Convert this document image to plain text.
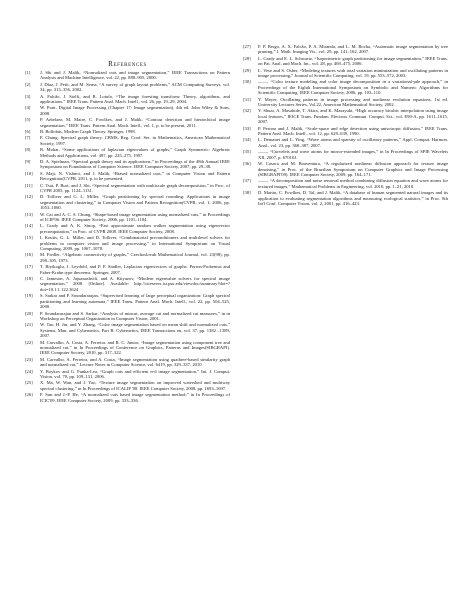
References
[1]	J. Shi and J. Malik, “Normalized cuts and image segmentation,” IEEE Transactions on Pattern Analysis and Machine Intelligence, vol. 22, pp. 888–905, 2000.
[2]	J. Díaz, J. Petit, and M. Serna, “A survey of graph layout problems,” ACM Computing Surveys, vol. 34, pp. 313–356, 2002.
[3]	A. Falcão, J. Stolfi, and R. Lotufo, “The image foresting transform: Theory, algorithms, and applications,” IEEE Trans. Pattern Anal. Mach. Intell., vol. 26, pp. 19–29, 2004.
[4]	W. Pratt, Digital Image Processing (Chapter 17: Image segmentation), 4th ed. John Wiley & Sons, 2008.
[5]	P. Arbelaez, M. Maire, C. Fowlkes, and J. Malik, “Contour detection and hierarchical image segmentation,” IEEE Trans. Pattern Anal. Mach. Intell., vol. 1, p. to be present, 2011.
[6]	B. Bollobás, Modern Graph Theory. Springer, 1998.
[7]	F. Chung, Spectral graph theory. CBMS, Reg. Conf. Ser. in Mathematics, American Mathematical Society, 1997.
[8]	B. Mohar, “Some applications of laplacian eigenvalues of graphs,” Graph Symmetric: Algebraic Methods and Applications, vol. 497, pp. 225–275, 1997.
[9]	D. A. Spielman, “Spectral graph theory and its applications,” in Proceedings of the 48th Annual IEEE Symposium on Foundations of Computer Science. IEEE Computer Society, 2007, pp. 29–38.
[10]	S. Maji, N. Vishnoi, and J. Malik, “Biased normalized cuts,” in Computer Vision and Pattern Recognition(CVPR, 2011, p. to be presented.
[11]	C. Tsai, P. Burt, and J. Shi, “Spectral segmentation with multiscale graph decomposition,” in Proc. of CVPR 2005, pp. 1124–1131.
[12]	D. Tolliver and G. L. Miller, “Graph partitioning by spectral rounding: Applications in image segmentation and clustering,” in Computer Vision and Pattern Recognition(CVPR, vol. 1, 2006, pp. 1053–1060.
[13]	W. Cai and A. C. S. Chung, “Shape-based image segmentation using normalized cuts,” in Proceedings of ICIP'06. IEEE Computer Society, 2006, pp. 1101–1104.
[14]	L. Grady and A. K. Sinop, “Fast approximate random walker segmentation using eigenvector precomputation,” in Proc. of CVPR 2008. IEEE Computer Society, 2008.
[15]	I. Koutis, G. L. Miller, and D. Tolliver, “Combinatorial preconditioners and multilevel solvers for problems in computer vision and image processing,” in International Symposium on Visual Computing, 2009, pp. 1067–1078.
[16]	M. Fiedler, “Algebraic connectivity of graphs,” Czechoslovak Mathematical Journal, vol. 23(98), pp. 298–305, 1973.
[17]	T. Biyikoglu, J. Leydold, and P. F. Stadler, Laplacian eigenvectors of graphs: Perron-Frobenius and Faber-Krahn type theorems. Springer, 2007.
[18]	C. Jameson, A. Jajuanashvili, and A. Kityazov, “Modern eigenvalue solvers for spectral image segmentation,” 2008. [Online]. Available: http://citeseerx.ist.psu.edu/viewdoc/summary?doi=?doi=10.1.1.122.3624
[19]	S. Sarkar and P. Soundararajan, “Supervised learning of large perceptual organization: Graph spectral partitioning and learning automata,” IEEE Trans. Pattern Anal. Mach. Intell., vol. 22, pp. 504–525, 2000.
[20]	P. Soundararajan and S. Sarkar, “Analysis of mincut, average cut and normalized cut measures,” in in Workshop on Perceptual Organization in Computer Vision, 2001.
[21]	W. Tao, H. Jin, and Y. Zhang, “Color image segmentation based on mean shift and normalized cuts,” Systems, Man, and Cybernetics, Part B: Cybernetics, IEEE Transactions on, vol. 37, pp. 1382 –1389, 2007.
[22]	M. Carvalho, A. Costa, A. Ferreira, and R. C. Junior, “Image segmentation using component tree and normalized cut,” in In Proceedings of Conference on Graphics, Patterns and Images(SIBGRAPI). IEEE Computer Society, 2010, pp. 317–322.
[23]	M. Carvalho, A. Ferreira, and A. Costa, “Image segmentation using quadtree-based similarity graph and normalized cut,” Lecture Notes in Computer Science, vol. 6419, pp. 329–337, 2010.
[24]	Y. Boykov and G. Funka-Lea, “Graph cuts and efficient n-d image segmentation,” Int. J. Comput. Vision, vol. 70, pp. 109–131, 2006.
[25]	X. Ma, W. Wan, and J. Yao, “Texture image segmentation on improved watershed and multiway spectral clustering,” in In Proceedings of ICALIP '08. IEEE Computer Society, 2008, pp. 1693–1697.
[26]	F. Sun and J.-P. He, “A normalized cuts based image segmentation method,” in In Proceedings of ICIC'09. IEEE Computer Society, 2009, pp. 333–336.
[27]	F. P. Bergo, A. X. Falcão, P. A. Miranda, and L. M. Rocha, “Automatic image segmentation by tree pruning,” J. Math. Imaging Vis., vol. 29, pp. 141–162, 2007.
[28]	L. Grady and E. L. Schwartz, “Isoperimetric graph partitioning for image segmentation,” IEEE Trans. on Pat. Anal. and Mach. Int., vol. 28, pp. 469–475, 2006.
[29]	L. Vese and S. Osher, “Modeling textures with total variation minimization and oscillating patterns in image processing,” Journal of Scientific Computing, vol. 19, pp. 553–572, 2003.
[30]	——, “Color texture modeling and color image decomposition in a variational-pde approach,” in Proceedings of the Eighth International Symposium on Symbolic and Numeric Algorithms for Scientific Computing. IEEE Computer Society, 2006, pp. 103–110.
[31]	Y. Meyer, Oscillating patterns in image processing and nonlinear evolution equations, 1st ed. University Lectures Series, Vol.22, American Mathematical Society, 2002.
[32]	Y. Shuai, A. Masahide, T. Akira, and K. Masayuki, “High accuracy bicubic interpolation using image local features,” IEICE Trans. Fundam. Electron. Commun. Comput. Sci., vol. E90-A, pp. 1611–1615, 2007.
[33]	P. Perona and J. Malik, “Scale-space and edge detection using anisotropic diffusion,” IEEE Trans. Pattern Anal. Mach. Intell., vol. 12, pp. 629–639, 1990.
[34]	L. Demanet and L. Ying, “Wave atoms and sparsity of oscillatory patterns,” Appl. Comput. Harmon. Anal., vol. 23, pp. 368–387, 2007.
[35]	——, “Curvelets and wave atoms for mirror-extended images,” in In Proceedings of SPIE Wavelets XII, 2007, p. 67010J.
[36]	W. Casaca and M. Boaventura, “A regularized nonlinear diffusion approach for texture image denoising,” in Proc. of the Brazilian Symposium on Computer Graphics and Image Processing (SIBGRAPI'09). IEEE Computer Society, 2009, pp. 164–171.
[37]	——, “A decomposition and noise removal method combining diffusion equation and wave atoms for textured images,” Mathematical Problems in Engineering, vol. 2010, pp. 1–21, 2010.
[38]	D. Martin, C. Fowlkes, D. Tal, and J. Malik, “A database of human segmented natural images and its application to evaluating segmentation algorithms and measuring ecological statistics,” in Proc. 8th Int'l Conf. Computer Vision, vol. 2, 2001, pp. 416–423.
